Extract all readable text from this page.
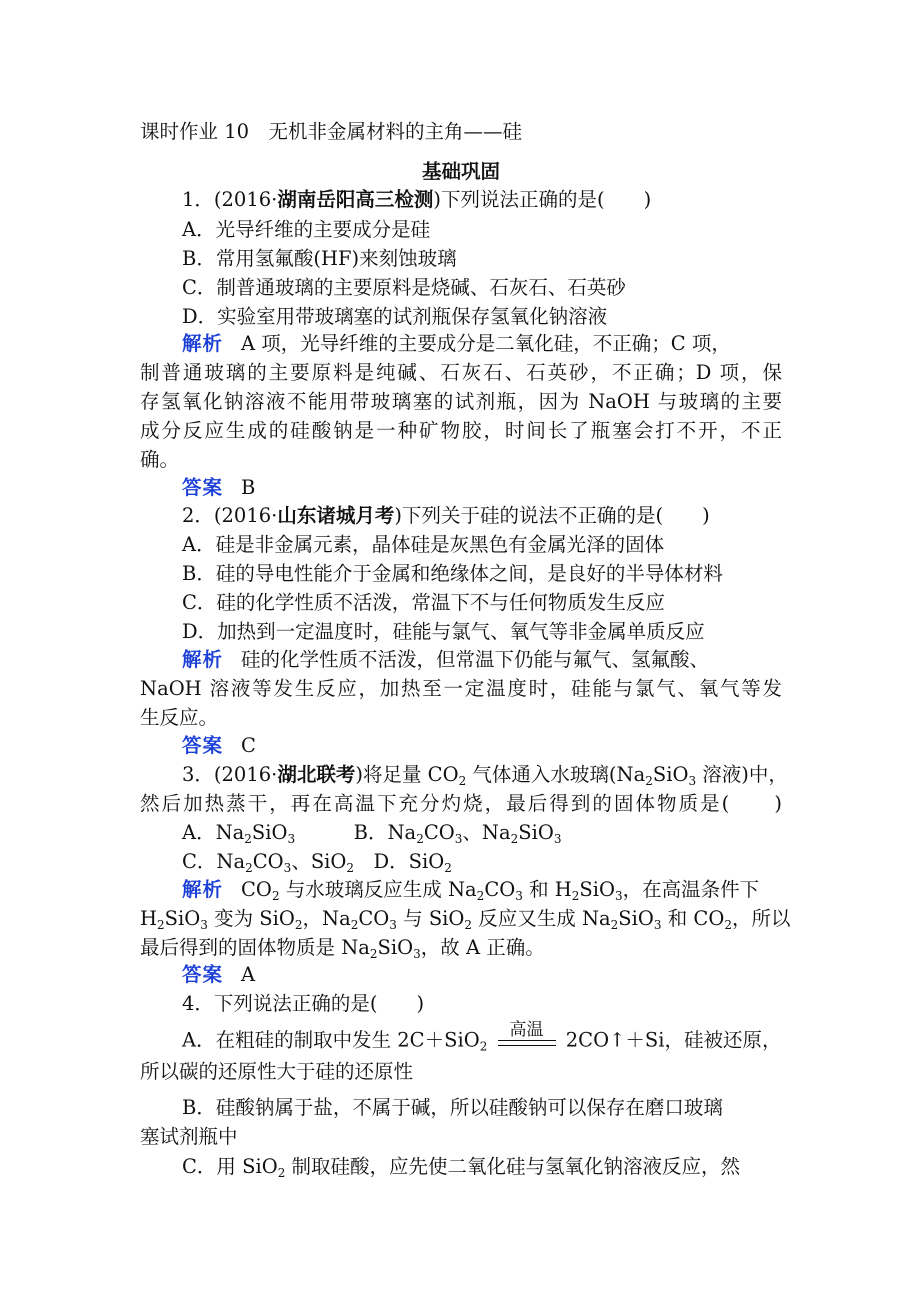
课时作业 10　无机非金属材料的主角——硅
基础巩固
1．(2016·湖南岳阳高三检测)下列说法正确的是(　　)
A．光导纤维的主要成分是硅
B．常用氢氟酸(HF)来刻蚀玻璃
C．制普通玻璃的主要原料是烧碱、石灰石、石英砂
D．实验室用带玻璃塞的试剂瓶保存氢氧化钠溶液
解析 A 项，光导纤维的主要成分是二氧化硅，不正确；C 项，
制普通玻璃的主要原料是纯碱、石灰石、石英砂，不正确；D 项，保
存氢氧化钠溶液不能用带玻璃塞的试剂瓶，因为 NaOH 与玻璃的主要
成分反应生成的硅酸钠是一种矿物胶，时间长了瓶塞会打不开，不正
确。
答案 B
2．(2016·山东诸城月考)下列关于硅的说法不正确的是(　　)
A．硅是非金属元素，晶体硅是灰黑色有金属光泽的固体
B．硅的导电性能介于金属和绝缘体之间，是良好的半导体材料
C．硅的化学性质不活泼，常温下不与任何物质发生反应
D．加热到一定温度时，硅能与氯气、氧气等非金属单质反应
解析 硅的化学性质不活泼，但常温下仍能与氟气、氢氟酸、
NaOH 溶液等发生反应，加热至一定温度时，硅能与氯气、氧气等发
生反应。
答案 C
3．(2016·湖北联考)将足量 $CO_2$ 气体通入水玻璃($Na_2SiO_3$ 溶液)中，
然后加热蒸干，再在高温下充分灼烧，最后得到的固体物质是(　　)
A．$Na_2SiO_3$　　　B．$Na_2CO_3$、$Na_2SiO_3$
C．$Na_2CO_3$、SiO$_2$　D．SiO$_2$
解析 $CO_2$ 与水玻璃反应生成 $Na_2CO_3$ 和 $H_2SiO_3$，在高温条件下
$H_2SiO_3$ 变为 SiO$_2$，$Na_2CO_3$ 与 SiO$_2$ 反应又生成 $Na_2SiO_3$ 和 $CO_2$，所以
最后得到的固体物质是 $Na_2SiO_3$，故 A 正确。
答案 A
4．下列说法正确的是(　　)
A．在粗硅的制取中发生 2C＋SiO$_2$
高温 2CO↑＋Si，硅被还原，
所以碳的还原性大于硅的还原性
B．硅酸钠属于盐，不属于碱，所以硅酸钠可以保存在磨口玻璃
塞试剂瓶中
C．用 SiO$_2$ 制取硅酸，应先使二氧化硅与氢氧化钠溶液反应，然
